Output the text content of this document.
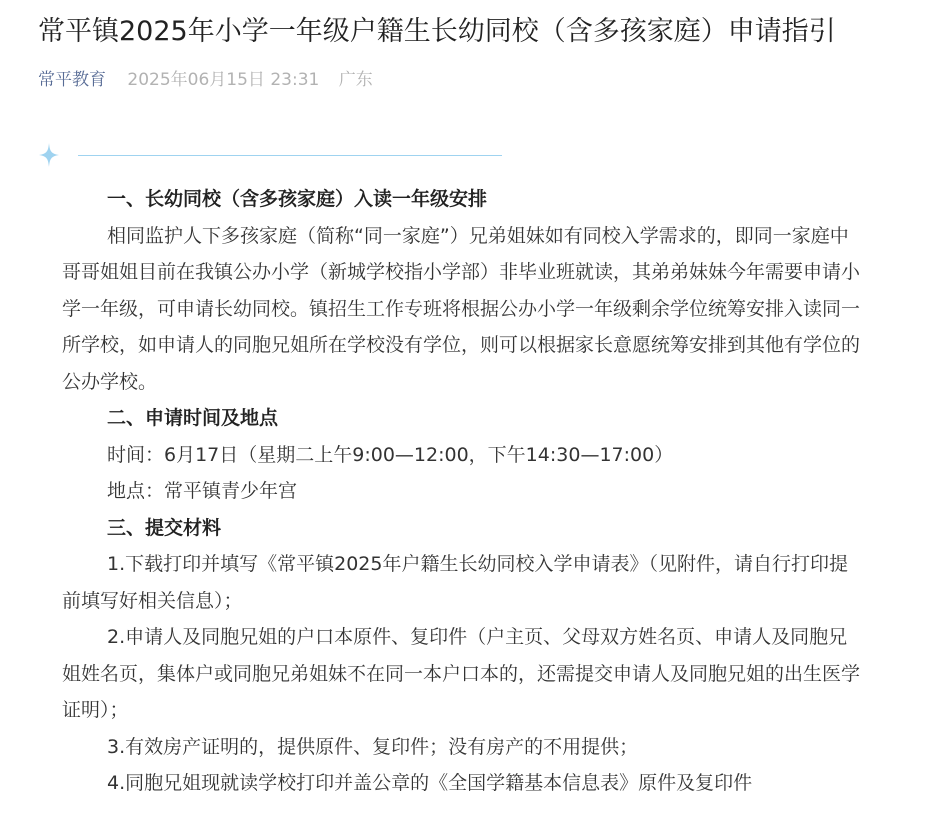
常平镇2025年小学一年级户籍生长幼同校（含多孩家庭）申请指引
常平教育 2025年06月15日 23:31 广东

一、长幼同校（含多孩家庭）入读一年级安排

相同监护人下多孩家庭（简称“同一家庭”）兄弟姐妹如有同校入学需求的，即同一家庭中哥哥姐姐目前在我镇公办小学（新城学校指小学部）非毕业班就读，其弟弟妹妹今年需要申请小学一年级，可申请长幼同校。镇招生工作专班将根据公办小学一年级剩余学位统筹安排入读同一所学校，如申请人的同胞兄姐所在学校没有学位，则可以根据家长意愿统筹安排到其他有学位的公办学校。

二、申请时间及地点

时间：6月17日（星期二上午9:00—12:00，下午14:30—17:00）

地点：常平镇青少年宫

三、提交材料

1.下载打印并填写《常平镇2025年户籍生长幼同校入学申请表》（见附件，请自行打印提前填写好相关信息）；

2.申请人及同胞兄姐的户口本原件、复印件（户主页、父母双方姓名页、申请人及同胞兄姐姓名页，集体户或同胞兄弟姐妹不在同一本户口本的，还需提交申请人及同胞兄姐的出生医学证明）；

3.有效房产证明的，提供原件、复印件；没有房产的不用提供；

4.同胞兄姐现就读学校打印并盖公章的《全国学籍基本信息表》原件及复印件
